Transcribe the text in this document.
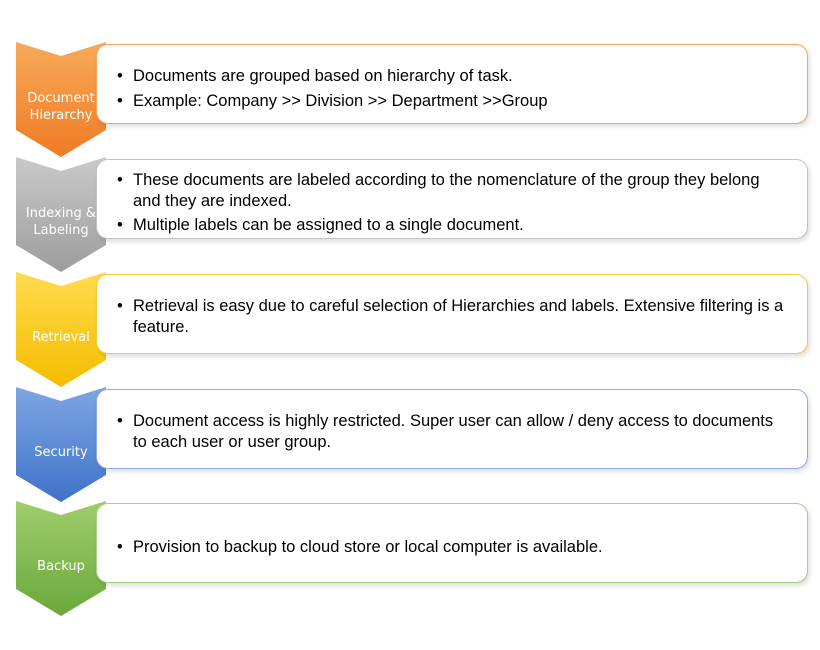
Document
Hierarchy
• Documents are grouped based on hierarchy of task.
• Example: Company >> Division >> Department >>Group
Indexing &
Labeling
• These documents are labeled according to the nomenclature of the group they belong and they are indexed.
• Multiple labels can be assigned to a single document.
Retrieval
• Retrieval is easy due to careful selection of Hierarchies and labels. Extensive filtering is a feature.
Security
• Document access is highly restricted. Super user can allow / deny access to documents to each user or user group.
Backup
• Provision to backup to cloud store or local computer is available.
